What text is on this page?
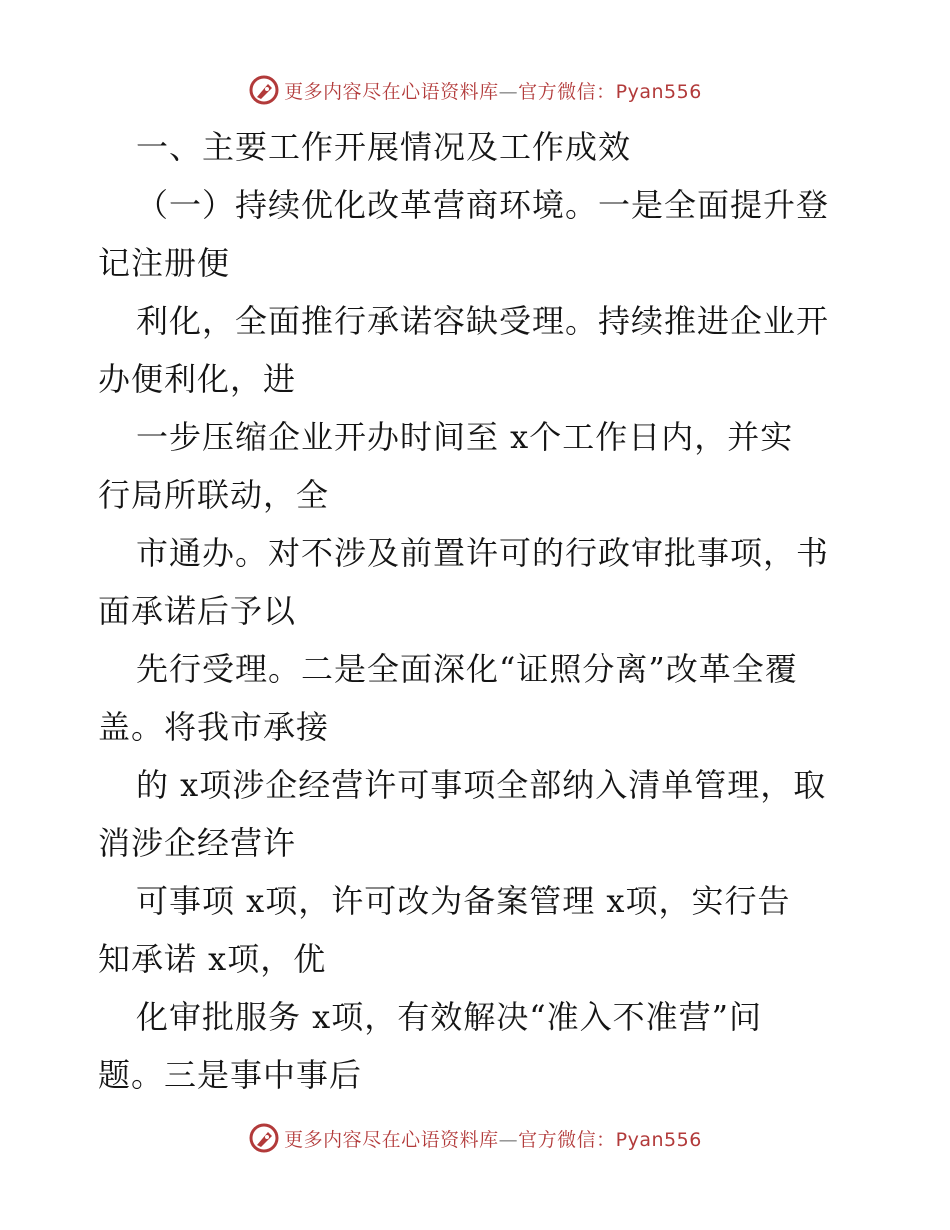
更多内容尽在心语资料库—官方微信：Pyan556
一、主要工作开展情况及工作成效
（一）持续优化改革营商环境。一是全面提升登
记注册便
利化，全面推行承诺容缺受理。持续推进企业开
办便利化，进
一步压缩企业开办时间至 x个工作日内，并实
行局所联动，全
市通办。对不涉及前置许可的行政审批事项，书
面承诺后予以
先行受理。二是全面深化“证照分离”改革全覆
盖。将我市承接
的 x项涉企经营许可事项全部纳入清单管理，取
消涉企经营许
可事项 x项，许可改为备案管理 x项，实行告
知承诺 x项，优
化审批服务 x项，有效解决“准入不准营”问
题。三是事中事后
更多内容尽在心语资料库—官方微信：Pyan556
